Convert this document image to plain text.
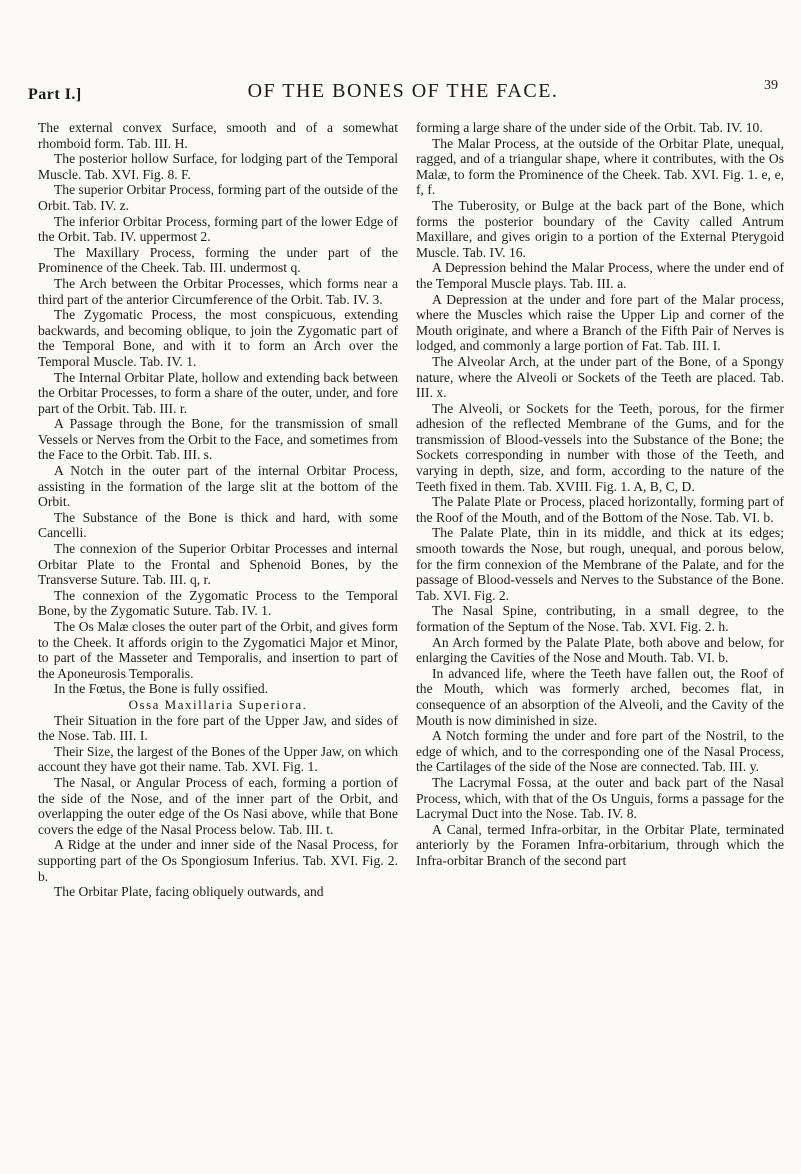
Part I.]	OF THE BONES OF THE FACE.	39

The external convex Surface, smooth and of a somewhat rhomboid form. Tab. III. H.

The posterior hollow Surface, for lodging part of the Temporal Muscle. Tab. XVI. Fig. 8. F.

The superior Orbitar Process, forming part of the outside of the Orbit. Tab. IV. z.

The inferior Orbitar Process, forming part of the lower Edge of the Orbit. Tab. IV. uppermost 2.

The Maxillary Process, forming the under part of the Prominence of the Cheek. Tab. III. undermost q.

The Arch between the Orbitar Processes, which forms near a third part of the anterior Circumference of the Orbit. Tab. IV. 3.

The Zygomatic Process, the most conspicuous, extending backwards, and becoming oblique, to join the Zygomatic part of the Temporal Bone, and with it to form an Arch over the Temporal Muscle. Tab. IV. 1.

The Internal Orbitar Plate, hollow and extending back between the Orbitar Processes, to form a share of the outer, under, and fore part of the Orbit. Tab. III. r.

A Passage through the Bone, for the transmission of small Vessels or Nerves from the Orbit to the Face, and sometimes from the Face to the Orbit. Tab. III. s.

A Notch in the outer part of the internal Orbitar Process, assisting in the formation of the large slit at the bottom of the Orbit.

The Substance of the Bone is thick and hard, with some Cancelli.

The connexion of the Superior Orbitar Processes and internal Orbitar Plate to the Frontal and Sphenoid Bones, by the Transverse Suture. Tab. III. q, r.

The connexion of the Zygomatic Process to the Temporal Bone, by the Zygomatic Suture. Tab. IV. 1.

The Os Malæ closes the outer part of the Orbit, and gives form to the Cheek. It affords origin to the Zygomatici Major et Minor, to part of the Masseter and Temporalis, and insertion to part of the Aponeurosis Temporalis.

In the Fœtus, the Bone is fully ossified.

Ossa Maxillaria Superiora.

Their Situation in the fore part of the Upper Jaw, and sides of the Nose. Tab. III. I.

Their Size, the largest of the Bones of the Upper Jaw, on which account they have got their name. Tab. XVI. Fig. 1.

The Nasal, or Angular Process of each, forming a portion of the side of the Nose, and of the inner part of the Orbit, and overlapping the outer edge of the Os Nasi above, while that Bone covers the edge of the Nasal Process below. Tab. III. t.

A Ridge at the under and inner side of the Nasal Process, for supporting part of the Os Spongiosum Inferius. Tab. XVI. Fig. 2. b.

The Orbitar Plate, facing obliquely outwards, and

forming a large share of the under side of the Orbit. Tab. IV. 10.

The Malar Process, at the outside of the Orbitar Plate, unequal, ragged, and of a triangular shape, where it contributes, with the Os Malæ, to form the Prominence of the Cheek. Tab. XVI. Fig. 1. e, e, f, f.

The Tuberosity, or Bulge at the back part of the Bone, which forms the posterior boundary of the Cavity called Antrum Maxillare, and gives origin to a portion of the External Pterygoid Muscle. Tab. IV. 16.

A Depression behind the Malar Process, where the under end of the Temporal Muscle plays. Tab. III. a.

A Depression at the under and fore part of the Malar process, where the Muscles which raise the Upper Lip and corner of the Mouth originate, and where a Branch of the Fifth Pair of Nerves is lodged, and commonly a large portion of Fat. Tab. III. I.

The Alveolar Arch, at the under part of the Bone, of a Spongy nature, where the Alveoli or Sockets of the Teeth are placed. Tab. III. x.

The Alveoli, or Sockets for the Teeth, porous, for the firmer adhesion of the reflected Membrane of the Gums, and for the transmission of Blood-vessels into the Substance of the Bone; the Sockets corresponding in number with those of the Teeth, and varying in depth, size, and form, according to the nature of the Teeth fixed in them. Tab. XVIII. Fig. 1. A, B, C, D.

The Palate Plate or Process, placed horizontally, forming part of the Roof of the Mouth, and of the Bottom of the Nose. Tab. VI. b.

The Palate Plate, thin in its middle, and thick at its edges; smooth towards the Nose, but rough, unequal, and porous below, for the firm connexion of the Membrane of the Palate, and for the passage of Blood-vessels and Nerves to the Substance of the Bone. Tab. XVI. Fig. 2.

The Nasal Spine, contributing, in a small degree, to the formation of the Septum of the Nose. Tab. XVI. Fig. 2. h.

An Arch formed by the Palate Plate, both above and below, for enlarging the Cavities of the Nose and Mouth. Tab. VI. b.

In advanced life, where the Teeth have fallen out, the Roof of the Mouth, which was formerly arched, becomes flat, in consequence of an absorption of the Alveoli, and the Cavity of the Mouth is now diminished in size.

A Notch forming the under and fore part of the Nostril, to the edge of which, and to the corresponding one of the Nasal Process, the Cartilages of the side of the Nose are connected. Tab. III. y.

The Lacrymal Fossa, at the outer and back part of the Nasal Process, which, with that of the Os Unguis, forms a passage for the Lacrymal Duct into the Nose. Tab. IV. 8.

A Canal, termed Infra-orbitar, in the Orbitar Plate, terminated anteriorly by the Foramen Infra-orbitarium, through which the Infra-orbitar Branch of the second part
